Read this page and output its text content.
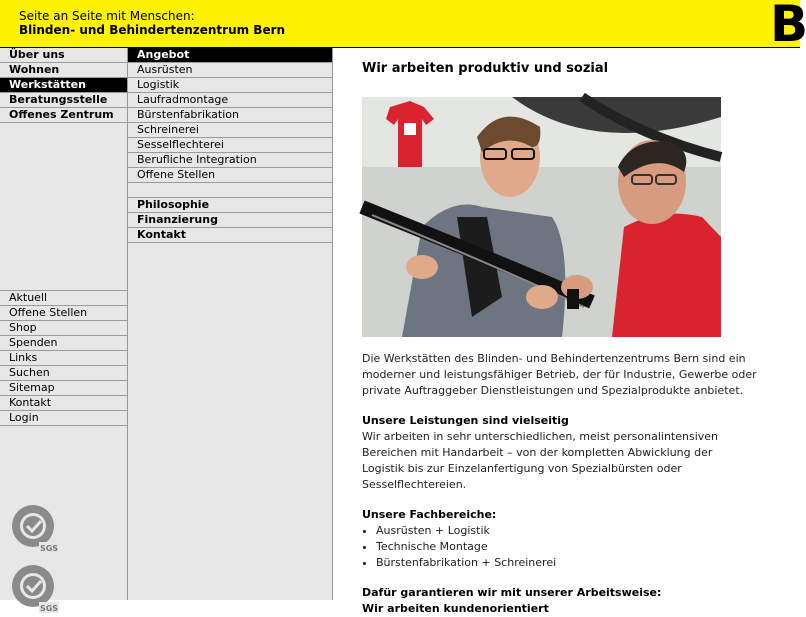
Seite an Seite mit Menschen:
Blinden- und Behindertenzentrum Bern	B
Über uns
Wohnen
Werkstätten
Beratungsstelle
Offenes Zentrum
Aktuell
Offene Stellen
Shop
Spenden
Links
Suchen
Sitemap
Kontakt
Login
SGS
SGS
Angebot
Ausrüsten
Logistik
Laufradmontage
Bürstenfabrikation
Schreinerei
Sesselflechterei
Berufliche Integration
Offene Stellen
Philosophie
Finanzierung
Kontakt
Wir arbeiten produktiv und sozial

Die Werkstätten des Blinden- und Behindertenzentrums Bern sind ein moderner und leistungsfähiger Betrieb, der für Industrie, Gewerbe oder private Auftraggeber Dienstleistungen und Spezialprodukte anbietet.

Unsere Leistungen sind vielseitig

Wir arbeiten in sehr unterschiedlichen, meist personalintensiven Bereichen mit Handarbeit – von der kompletten Abwicklung der Logistik bis zur Einzelanfertigung von Spezialbürsten oder Sesselflechtereien.

Unsere Fachbereiche:
• Ausrüsten + Logistik
• Technische Montage
• Bürstenfabrikation + Schreinerei
Dafür garantieren wir mit unserer Arbeitsweise:
Wir arbeiten kundenorientiert
